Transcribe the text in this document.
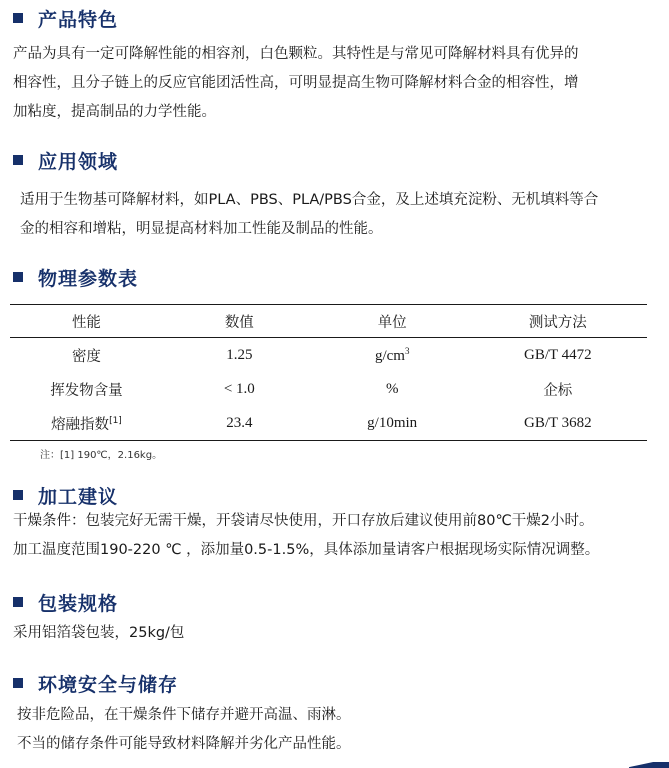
产品特色
产品为具有一定可降解性能的相容剂，白色颗粒。其特性是与常见可降解材料具有优异的
相容性，且分子链上的反应官能团活性高，可明显提高生物可降解材料合金的相容性，增
加粘度，提高制品的力学性能。
应用领域
适用于生物基可降解材料，如PLA、PBS、PLA/PBS合金，及上述填充淀粉、无机填料等合
金的相容和增粘，明显提高材料加工性能及制品的性能。
物理参数表
性能	数值	单位	测试方法
密度	1.25	$g/cm^3$	GB/T 4472
挥发物含量	< 1.0	%	企标
熔融指数[1]	23.4	g/10min	GB/T 3682
注：[1] 190℃，2.16kg。
加工建议
干燥条件：包装完好无需干燥，开袋请尽快使用，开口存放后建议使用前80℃干燥2小时。
加工温度范围190-220 ℃ ，添加量0.5-1.5%，具体添加量请客户根据现场实际情况调整。
包装规格
采用铝箔袋包装，25kg/包
环境安全与储存
按非危险品，在干燥条件下储存并避开高温、雨淋。
不当的储存条件可能导致材料降解并劣化产品性能。
